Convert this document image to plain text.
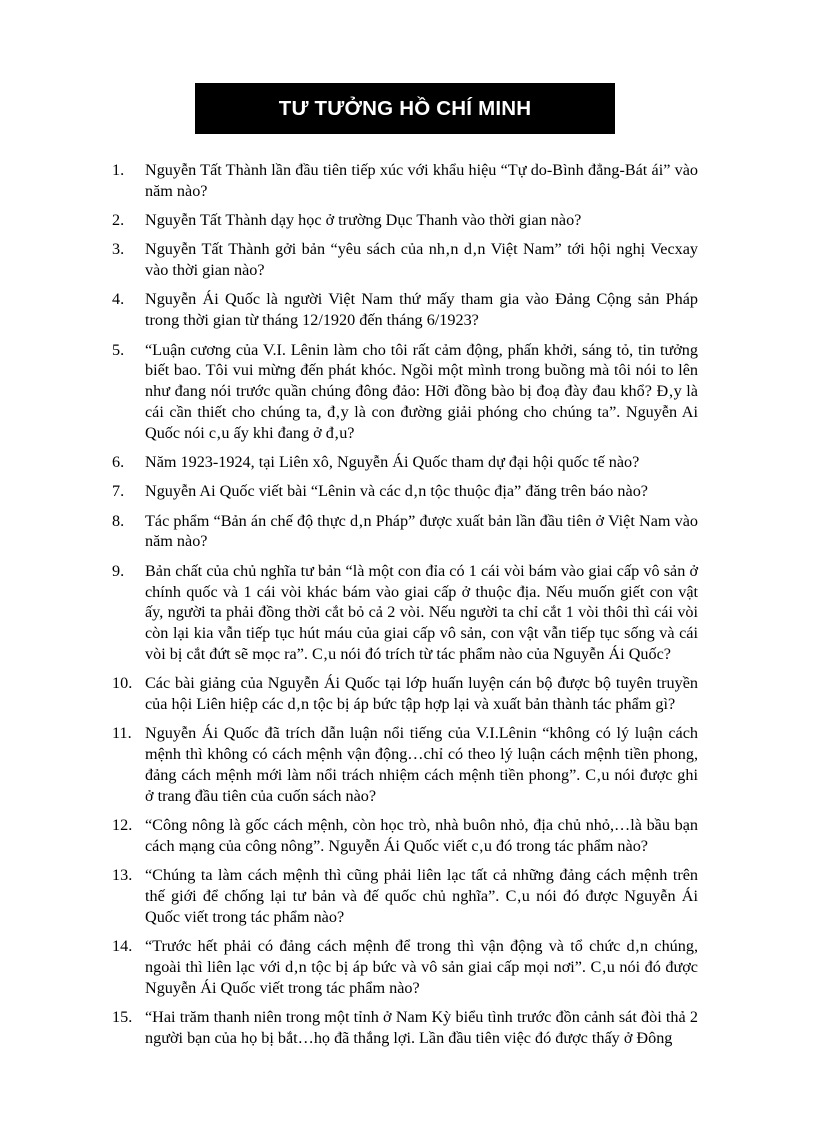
TƯ TƯỞNG HỒ CHÍ MINH
1. Nguyễn Tất Thành lần đầu tiên tiếp xúc với khẩu hiệu “Tự do-Bình đẳng-Bát ái” vào năm nào?
2. Nguyễn Tất Thành dạy học ở trường Dục Thanh vào thời gian nào?
3. Nguyễn Tất Thành gởi bản “yêu sách của nh‚n d‚n Việt Nam” tới hội nghị Vecxay vào thời gian nào?
4. Nguyễn Ái Quốc là người Việt Nam thứ mấy tham gia vào Đảng Cộng sản Pháp trong thời gian từ tháng 12/1920 đến tháng 6/1923?
5. “Luận cương của V.I. Lênin làm cho tôi rất cảm động, phấn khởi, sáng tỏ, tin tưởng biết bao. Tôi vui mừng đến phát khóc. Ngồi một mình trong buồng mà tôi nói to lên như đang nói trước quần chúng đông đảo: Hỡi đồng bào bị đoạ đày đau khổ? Đ‚y là cái cần thiết cho chúng ta, đ‚y là con đường giải phóng cho chúng ta”. Nguyễn Ai Quốc nói c‚u ấy khi đang ở đ‚u?
6. Năm 1923-1924, tại Liên xô, Nguyễn Ái Quốc tham dự đại hội quốc tế nào?
7. Nguyễn Ai Quốc viết bài “Lênin và các d‚n tộc thuộc địa” đăng trên báo nào?
8. Tác phẩm “Bản án chế độ thực d‚n Pháp” được xuất bản lần đầu tiên ở Việt Nam vào năm nào?
9. Bản chất của chủ nghĩa tư bản “là một con đỉa có 1 cái vòi bám vào giai cấp vô sản ở chính quốc và 1 cái vòi khác bám vào giai cấp ở thuộc địa. Nếu muốn giết con vật ấy, người ta phải đồng thời cắt bỏ cả 2 vòi. Nếu người ta chỉ cắt 1 vòi thôi thì cái vòi còn lại kia vẫn tiếp tục hút máu của giai cấp vô sản, con vật vẫn tiếp tục sống và cái vòi bị cắt đứt sẽ mọc ra”. C‚u nói đó trích từ tác phẩm nào của Nguyễn Ái Quốc?
10. Các bài giảng của Nguyễn Ái Quốc tại lớp huấn luyện cán bộ được bộ tuyên truyền của hội Liên hiệp các d‚n tộc bị áp bức tập hợp lại và xuất bản thành tác phẩm gì?
11. Nguyễn Ái Quốc đã trích dẫn luận nổi tiếng của V.I.Lênin “không có lý luận cách mệnh thì không có cách mệnh vận động…chỉ có theo lý luận cách mệnh tiền phong, đảng cách mệnh mới làm nổi trách nhiệm cách mệnh tiền phong”. C‚u nói được ghi ở trang đầu tiên của cuốn sách nào?
12. “Công nông là gốc cách mệnh, còn học trò, nhà buôn nhỏ, địa chủ nhỏ,…là bầu bạn cách mạng của công nông”. Nguyễn Ái Quốc viết c‚u đó trong tác phẩm nào?
13. “Chúng ta làm cách mệnh thì cũng phải liên lạc tất cả những đảng cách mệnh trên thế giới để chống lại tư bản và đế quốc chủ nghĩa”. C‚u nói đó được Nguyễn Ái Quốc viết trong tác phẩm nào?
14. “Trước hết phải có đảng cách mệnh để trong thì vận động và tổ chức d‚n chúng, ngoài thì liên lạc với d‚n tộc bị áp bức và vô sản giai cấp mọi nơi”. C‚u nói đó được Nguyễn Ái Quốc viết trong tác phẩm nào?
15. “Hai trăm thanh niên trong một tỉnh ở Nam Kỳ biểu tình trước đồn cảnh sát đòi thả 2 người bạn của họ bị bắt…họ đã thắng lợi. Lần đầu tiên việc đó được thấy ở Đông
